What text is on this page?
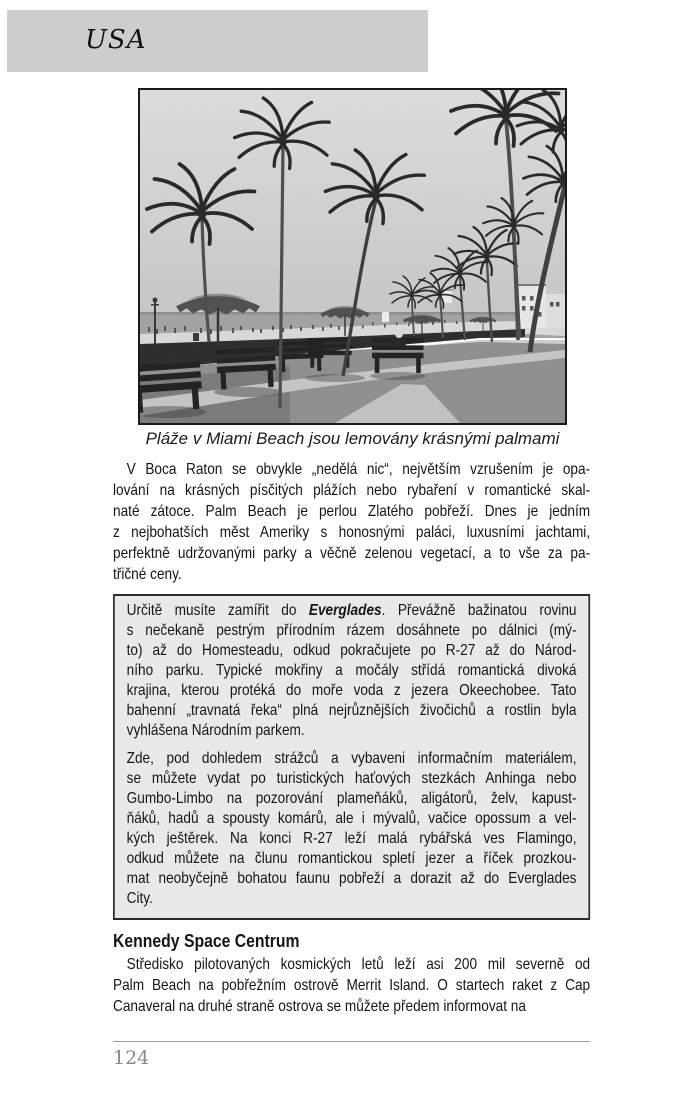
USA
Pláže v Miami Beach jsou lemovány krásnými palmami
V Boca Raton se obvykle „nedělá nic“, největším vzrušením je opa-
lování na krásných písčitých plážích nebo rybaření v romantické skal-
naté zátoce. Palm Beach je perlou Zlatého pobřeží. Dnes je jedním
z nejbohatších měst Ameriky s honosnými paláci, luxusními jachtami,
perfektně udržovanými parky a věčně zelenou vegetací, a to vše za pa-
třičné ceny.
Určitě musíte zamířit do Everglades. Převážně bažinatou rovinu
s nečekaně pestrým přírodním rázem dosáhnete po dálnici (mý-
to) až do Homesteadu, odkud pokračujete po R-27 až do Národ-
ního parku. Typické mokřiny a močály střídá romantická divoká
krajina, kterou protéká do moře voda z jezera Okeechobee. Tato
bahenní „travnatá řeka“ plná nejrůznějších živočichů a rostlin byla
vyhlášena Národním parkem.
Zde, pod dohledem strážců a vybaveni informačním materiálem,
se můžete vydat po turistických haťových stezkách Anhinga nebo
Gumbo-Limbo na pozorování plameňáků, aligátorů, želv, kapust-
ňáků, hadů a spousty komárů, ale i mývalů, vačice opossum a vel-
kých ještěrek. Na konci R-27 leží malá rybářská ves Flamingo,
odkud můžete na člunu romantickou spletí jezer a říček prozkou-
mat neobyčejně bohatou faunu pobřeží a dorazit až do Everglades
City.
Kennedy Space Centrum
Středisko pilotovaných kosmických letů leží asi 200 mil severně od
Palm Beach na pobřežním ostrově Merrit Island. O startech raket z Cap
Canaveral na druhé straně ostrova se můžete předem informovat na
124
